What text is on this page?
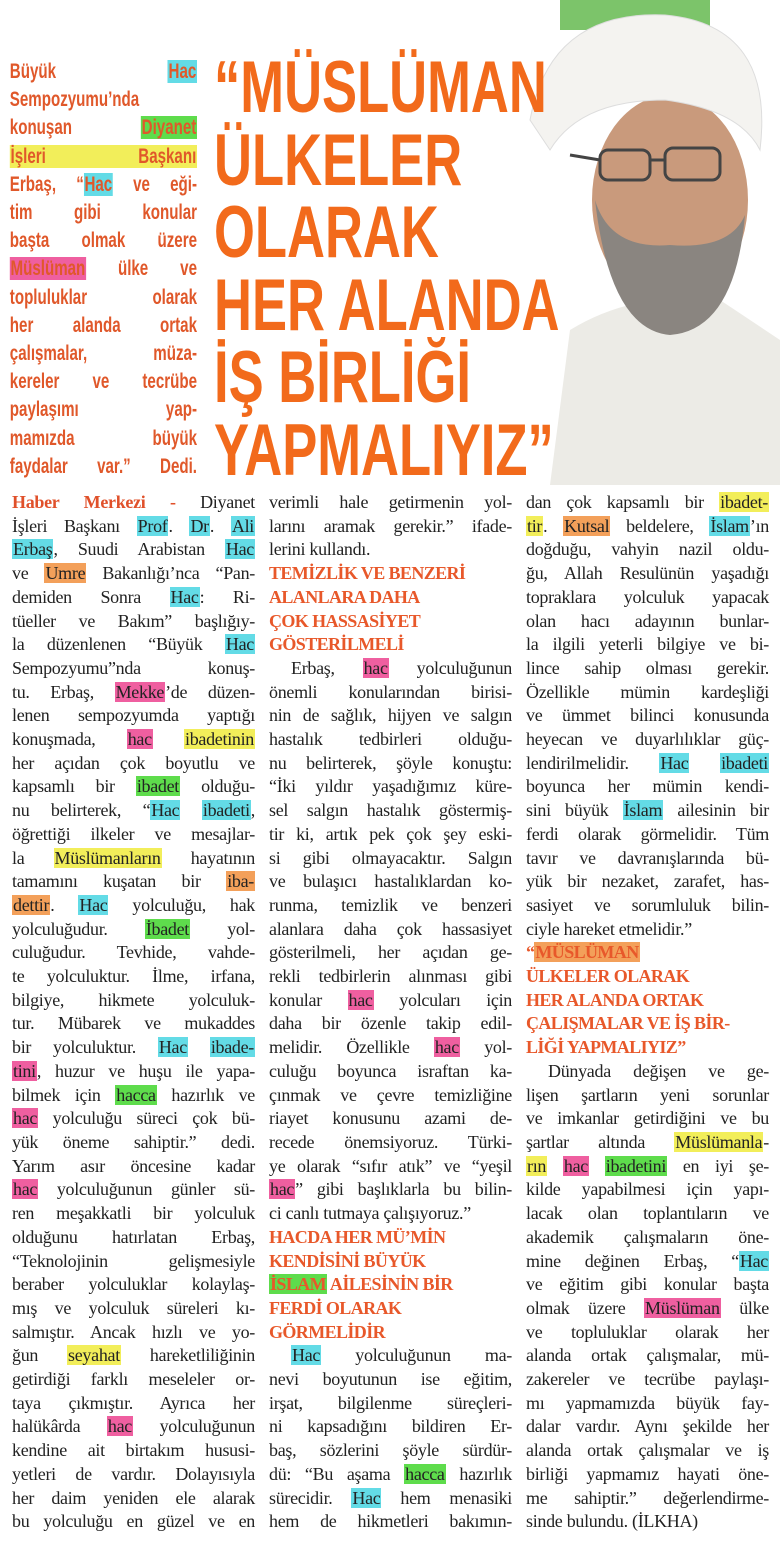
Büyük Hac
Sempozyumu’nda
konuşan Diyanet
İşleri Başkanı
Erbaş, “Hac ve eği-
tim gibi konular
başta olmak üzere
Müslüman ülke ve
topluluklar olarak
her alanda ortak
çalışmalar, müza-
kereler ve tecrübe
paylaşımı yap-
mamızda büyük
faydalar var.” Dedi.
“MÜSLÜMAN
ÜLKELER
OLARAK
HER ALANDA
İŞ BİRLİĞİ
YAPMALIYIZ”
Haber Merkezi - Diyanet
İşleri Başkanı Prof. Dr. Ali
Erbaş, Suudi Arabistan Hac
ve Umre Bakanlığı’nca “Pan-
demiden Sonra Hac: Ri-
tüeller ve Bakım” başlığıy-
la düzenlenen “Büyük Hac
Sempozyumu”nda konuş-
tu. Erbaş, Mekke’de düzen-
lenen sempozyumda yaptığı
konuşmada, hac ibadetinin
her açıdan çok boyutlu ve
kapsamlı bir ibadet olduğu-
nu belirterek, “Hac ibadeti,
öğrettiği ilkeler ve mesajlar-
la Müslümanların hayatının
tamamını kuşatan bir iba-
dettir. Hac yolculuğu, hak
yolculuğudur. İbadet yol-
culuğudur. Tevhide, vahde-
te yolculuktur. İlme, irfana,
bilgiye, hikmete yolculuk-
tur. Mübarek ve mukaddes
bir yolculuktur. Hac ibade-
tini, huzur ve huşu ile yapa-
bilmek için hacca hazırlık ve
hac yolculuğu süreci çok bü-
yük öneme sahiptir.” dedi.
Yarım asır öncesine kadar
hac yolculuğunun günler sü-
ren meşakkatli bir yolculuk
olduğunu hatırlatan Erbaş,
“Teknolojinin gelişmesiyle
beraber yolculuklar kolaylaş-
mış ve yolculuk süreleri kı-
salmıştır. Ancak hızlı ve yo-
ğun seyahat hareketliliğinin
getirdiği farklı meseleler or-
taya çıkmıştır. Ayrıca her
halükârda hac yolculuğunun
kendine ait birtakım hususi-
yetleri de vardır. Dolayısıyla
her daim yeniden ele alarak
bu yolculuğu en güzel ve en
verimli hale getirmenin yol-
larını aramak gerekir.” ifade-
lerini kullandı.
TEMİZLİK VE BENZERİ
ALANLARA DAHA
ÇOK HASSASİYET
GÖSTERİLMELİ
Erbaş, hac yolculuğunun
önemli konularından birisi-
nin de sağlık, hijyen ve salgın
hastalık tedbirleri olduğu-
nu belirterek, şöyle konuştu:
“İki yıldır yaşadığımız küre-
sel salgın hastalık göstermiş-
tir ki, artık pek çok şey eski-
si gibi olmayacaktır. Salgın
ve bulaşıcı hastalıklardan ko-
runma, temizlik ve benzeri
alanlara daha çok hassasiyet
gösterilmeli, her açıdan ge-
rekli tedbirlerin alınması gibi
konular hac yolcuları için
daha bir özenle takip edil-
melidir. Özellikle hac yol-
culuğu boyunca israftan ka-
çınmak ve çevre temizliğine
riayet konusunu azami de-
recede önemsiyoruz. Türki-
ye olarak “sıfır atık” ve “yeşil
hac” gibi başlıklarla bu bilin-
ci canlı tutmaya çalışıyoruz.”
HACDA HER MÜ’MİN
KENDİSİNİ BÜYÜK
İSLAM AİLESİNİN BİR
FERDİ OLARAK
GÖRMELİDİR
Hac yolculuğunun ma-
nevi boyutunun ise eğitim,
irşat, bilgilenme süreçleri-
ni kapsadığını bildiren Er-
baş, sözlerini şöyle sürdür-
dü: “Bu aşama hacca hazırlık
sürecidir. Hac hem menasiki
hem de hikmetleri bakımın-
dan çok kapsamlı bir ibadet-
tir. Kutsal beldelere, İslam’ın
doğduğu, vahyin nazil oldu-
ğu, Allah Resulünün yaşadığı
topraklara yolculuk yapacak
olan hacı adayının bunlar-
la ilgili yeterli bilgiye ve bi-
lince sahip olması gerekir.
Özellikle mümin kardeşliği
ve ümmet bilinci konusunda
heyecan ve duyarlılıklar güç-
lendirilmelidir. Hac ibadeti
boyunca her mümin kendi-
sini büyük İslam ailesinin bir
ferdi olarak görmelidir. Tüm
tavır ve davranışlarında bü-
yük bir nezaket, zarafet, has-
sasiyet ve sorumluluk bilin-
ciyle hareket etmelidir.”
“MÜSLÜMAN
ÜLKELER OLARAK
HER ALANDA ORTAK
ÇALIŞMALAR VE İŞ BİR-
LİĞİ YAPMALIYIZ”
Dünyada değişen ve ge-
lişen şartların yeni sorunlar
ve imkanlar getirdiğini ve bu
şartlar altında Müslümanla-
rın hac ibadetini en iyi şe-
kilde yapabilmesi için yapı-
lacak olan toplantıların ve
akademik çalışmaların öne-
mine değinen Erbaş, “Hac
ve eğitim gibi konular başta
olmak üzere Müslüman ülke
ve topluluklar olarak her
alanda ortak çalışmalar, mü-
zakereler ve tecrübe paylaşı-
mı yapmamızda büyük fay-
dalar vardır. Aynı şekilde her
alanda ortak çalışmalar ve iş
birliği yapmamız hayati öne-
me sahiptir.” değerlendirme-
sinde bulundu. (İLKHA)
